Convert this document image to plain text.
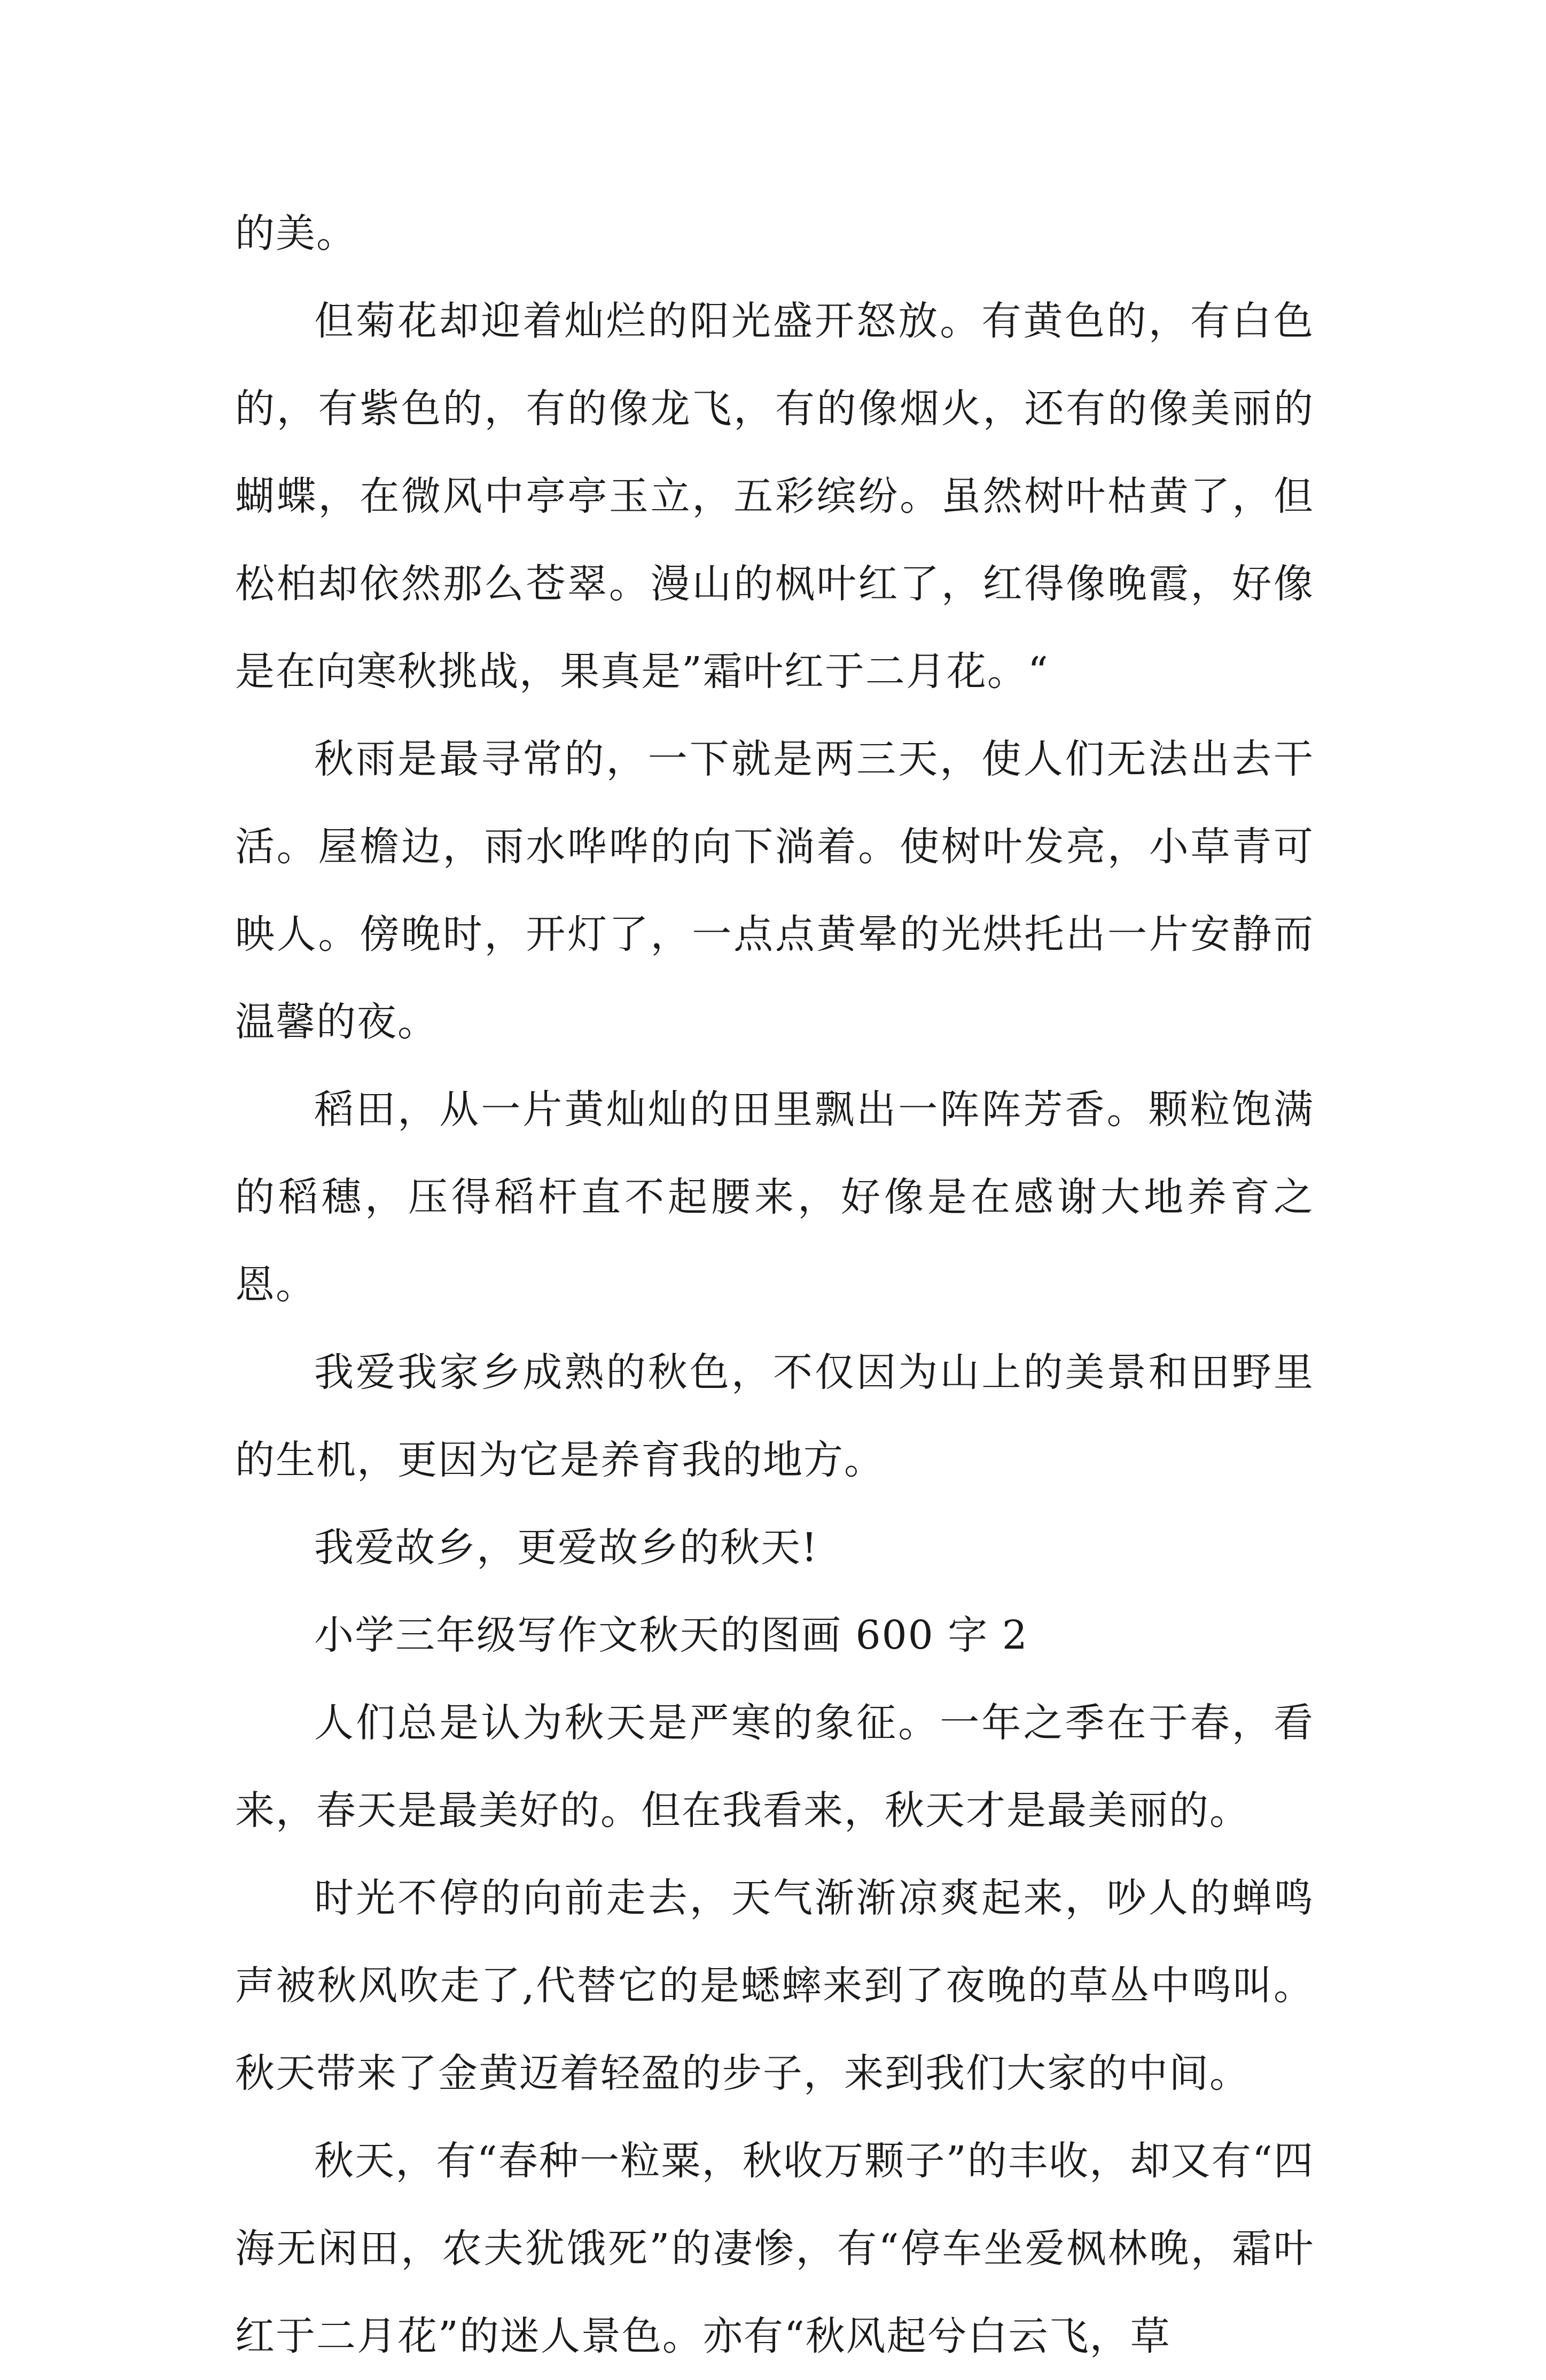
的美。

但菊花却迎着灿烂的阳光盛开怒放。有黄色的，有白色的，有紫色的，有的像龙飞，有的像烟火，还有的像美丽的蝴蝶，在微风中亭亭玉立，五彩缤纷。虽然树叶枯黄了，但松柏却依然那么苍翠。漫山的枫叶红了，红得像晚霞，好像是在向寒秋挑战，果真是”霜叶红于二月花。“

秋雨是最寻常的，一下就是两三天，使人们无法出去干活。屋檐边，雨水哗哗的向下淌着。使树叶发亮，小草青可映人。傍晚时，开灯了，一点点黄晕的光烘托出一片安静而温馨的夜。

稻田，从一片黄灿灿的田里飘出一阵阵芳香。颗粒饱满的稻穗，压得稻杆直不起腰来，好像是在感谢大地养育之恩。

我爱我家乡成熟的秋色，不仅因为山上的美景和田野里的生机，更因为它是养育我的地方。

我爱故乡，更爱故乡的秋天!

小学三年级写作文秋天的图画 600 字 2

人们总是认为秋天是严寒的象征。一年之季在于春，看来，春天是最美好的。但在我看来，秋天才是最美丽的。

时光不停的向前走去，天气渐渐凉爽起来，吵人的蝉鸣声被秋风吹走了,代替它的是蟋蟀来到了夜晚的草丛中鸣叫。秋天带来了金黄迈着轻盈的步子，来到我们大家的中间。

秋天，有“春种一粒粟，秋收万颗子”的丰收，却又有“四海无闲田，农夫犹饿死”的凄惨，有“停车坐爱枫林晚，霜叶红于二月花”的迷人景色。亦有“秋风起兮白云飞，草
